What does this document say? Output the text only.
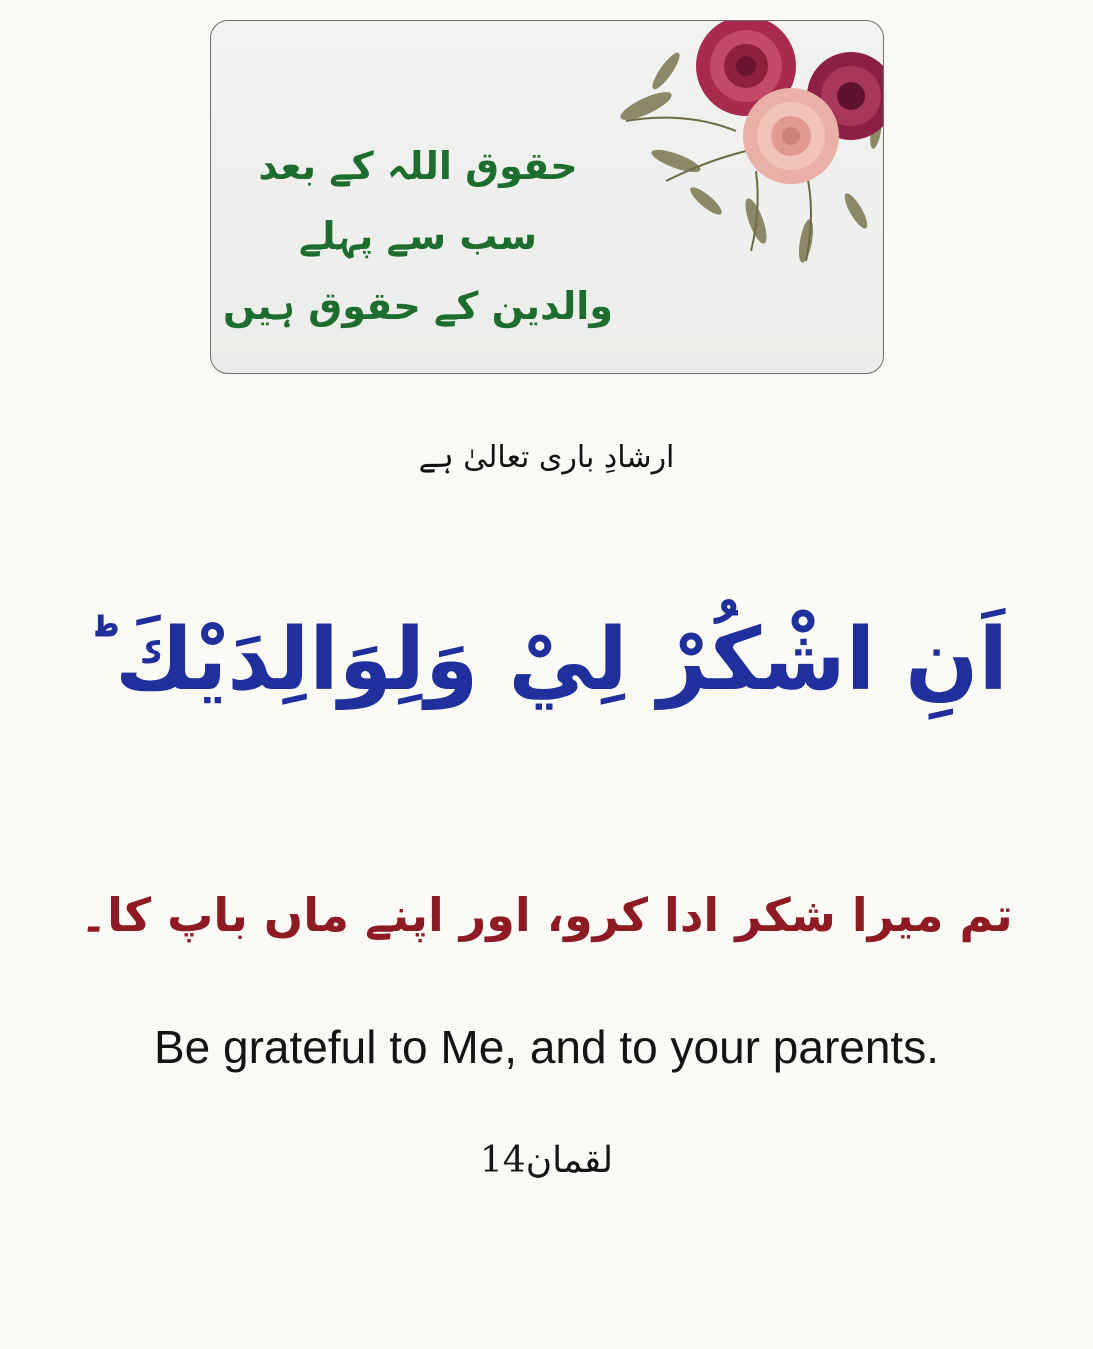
حقوق اللہ کے بعد
سب سے پہلے
والدین کے حقوق ہیں
ارشادِ باری تعالیٰ ہے
اَنِ اشْكُرْ لِيْ وَلِوَالِدَيْكَ ؕ
تم میرا شکر ادا کرو، اور اپنے ماں باپ کا۔
Be grateful to Me, and to your parents.
لقمان14
